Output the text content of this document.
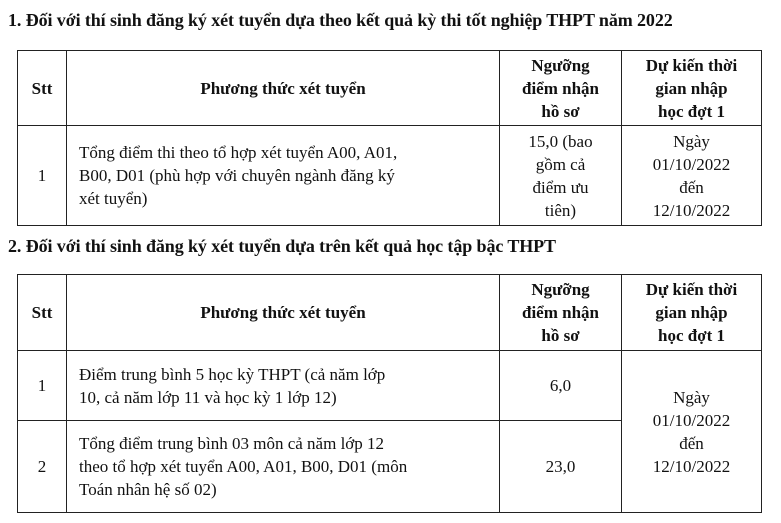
1. Đối với thí sinh đăng ký xét tuyển dựa theo kết quả kỳ thi tốt nghiệp THPT năm 2022
Stt	Phương thức xét tuyển	Ngưỡng
điểm nhận
hồ sơ	Dự kiến thời
gian nhập
học đợt 1

1	Tổng điểm thi theo tổ hợp xét tuyển A00, A01,
B00, D01 (phù hợp với chuyên ngành đăng ký
xét tuyển)	15,0 (bao
gồm cả
điểm ưu
tiên)	Ngày
01/10/2022
đến
12/10/2022
2. Đối với thí sinh đăng ký xét tuyển dựa trên kết quả học tập bậc THPT
Stt	Phương thức xét tuyển	Ngưỡng
điểm nhận
hồ sơ	Dự kiến thời
gian nhập
học đợt 1

1	Điểm trung bình 5 học kỳ THPT (cả năm lớp
10, cả năm lớp 11 và học kỳ 1 lớp 12)	6,0	Ngày
01/10/2022
đến
12/10/2022

2	Tổng điểm trung bình 03 môn cả năm lớp 12
theo tổ hợp xét tuyển A00, A01, B00, D01 (môn
Toán nhân hệ số 02)	23,0	
